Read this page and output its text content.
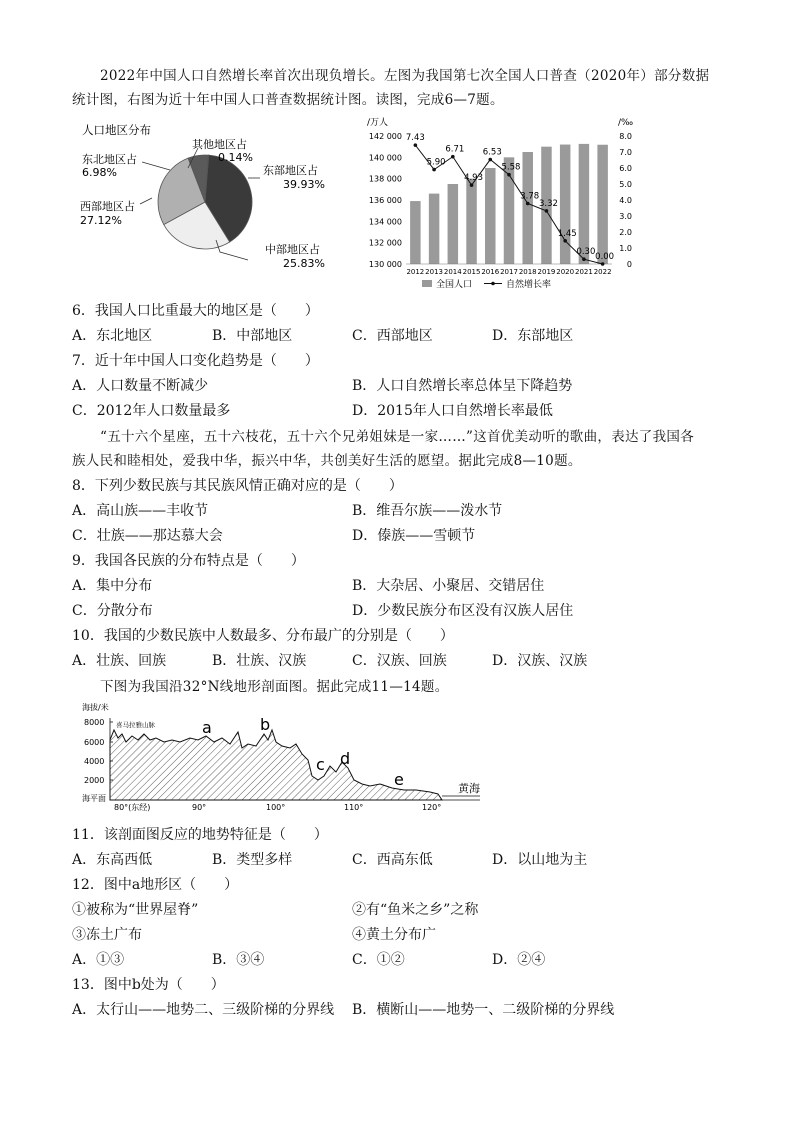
2022年中国人口自然增长率首次出现负增长。左图为我国第七次全国人口普查（2020年）部分数据
统计图，右图为近十年中国人口普查数据统计图。读图，完成6—7题。
人口地区分布
东部地区占
39.93%
中部地区占
25.83%
西部地区占
27.12%
东北地区占
6.98%
其他地区占
0.14%
/万人	/‰
130 000
132 000
134 000
136 000
138 000
140 000
142 000
0
1.0
2.0
3.0
4.0
5.0
6.0
7.0
8.0
2012 2013 2014 2015 2016 2017 2018 2019 2020 2021 2022
7.43
5.90
6.71
4.93
6.53
5.58
3.78
3.32
1.45
0.30 0.00
全国人口	自然增长率
6．我国人口比重最大的地区是（　　）
A．东北地区	B．中部地区	C．西部地区	D．东部地区
7．近十年中国人口变化趋势是（　　）
A．人口数量不断减少	B．人口自然增长率总体呈下降趋势
C．2012年人口数量最多	D．2015年人口自然增长率最低
“五十六个星座，五十六枝花，五十六个兄弟姐妹是一家……”这首优美动听的歌曲，表达了我国各
族人民和睦相处，爱我中华，振兴中华，共创美好生活的愿望。据此完成8—10题。
8．下列少数民族与其民族风情正确对应的是（　　）
A．高山族——丰收节	B．维吾尔族——泼水节
C．壮族——那达慕大会	D．傣族——雪顿节
9．我国各民族的分布特点是（　　）
A．集中分布	B．大杂居、小聚居、交错居住
C．分散分布	D．少数民族分布区没有汉族人居住
10．我国的少数民族中人数最多、分布最广的分别是（　　）
A．壮族、回族	B．壮族、汉族	C．汉族、回族	D．汉族、汉族
下图为我国沿32°N线地形剖面图。据此完成11—14题。
海拔/米
8000
6000
4000
2000
海平面
喜马拉雅山脉
黄海
a	b
c d
e
80°(东经)	90°	100°	110°	120°
11．该剖面图反应的地势特征是（　　）
A．东高西低	B．类型多样	C．西高东低	D．以山地为主
12．图中a地形区（　　）
①被称为“世界屋脊”	②有“鱼米之乡”之称
③冻土广布	④黄土分布广
A．①③	B．③④	C．①②	D．②④
13．图中b处为（　　）
A．太行山——地势二、三级阶梯的分界线 B．横断山——地势一、二级阶梯的分界线
